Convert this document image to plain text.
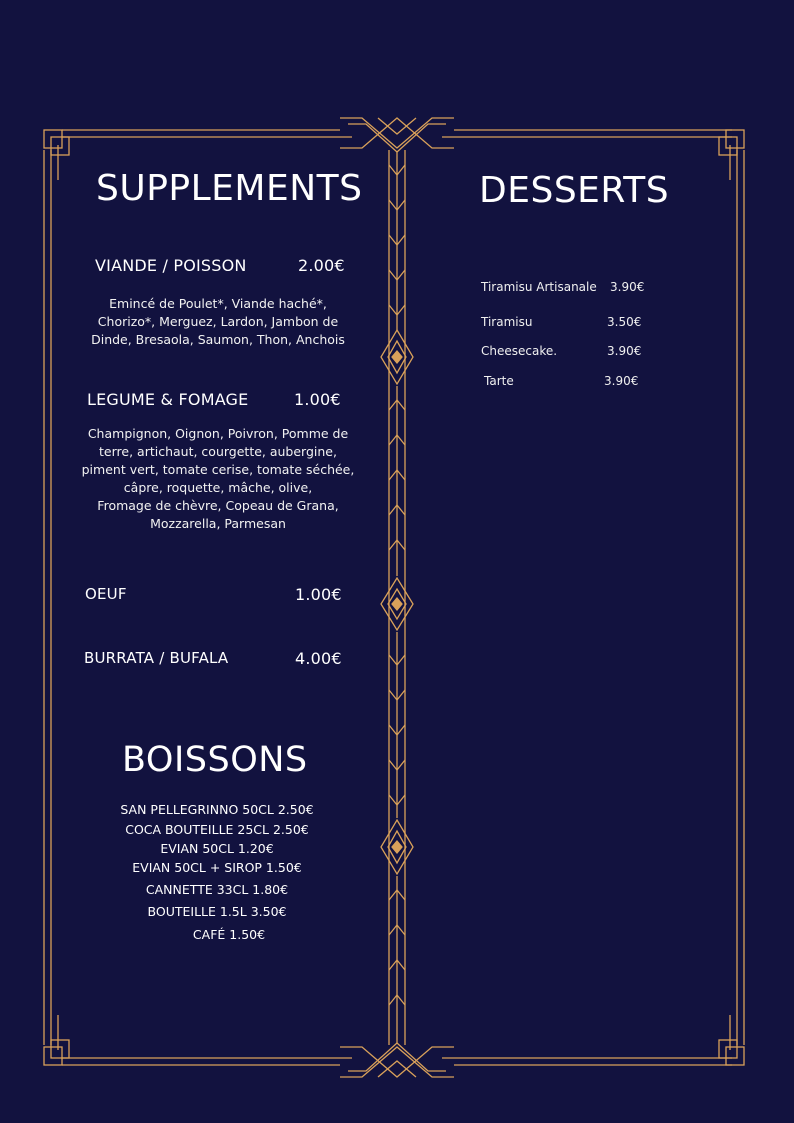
SUPPLEMENTS
VIANDE / POISSON	2.00€
Emincé de Poulet*, Viande haché*,
Chorizo*, Merguez, Lardon, Jambon de
Dinde, Bresaola, Saumon, Thon, Anchois
LEGUME & FOMAGE	1.00€
Champignon, Oignon, Poivron, Pomme de
terre, artichaut, courgette, aubergine,
piment vert, tomate cerise, tomate séchée,
câpre, roquette, mâche, olive,
Fromage de chèvre, Copeau de Grana,
Mozzarella, Parmesan
OEUF	1.00€
BURRATA / BUFALA	4.00€
BOISSONS
SAN PELLEGRINNO 50CL 2.50€
COCA BOUTEILLE 25CL 2.50€
EVIAN 50CL 1.20€
EVIAN 50CL + SIROP 1.50€
CANNETTE 33CL 1.80€
BOUTEILLE 1.5L 3.50€
CAFÉ 1.50€
DESSERTS
Tiramisu Artisanale 3.90€
Tiramisu	3.50€
Cheesecake.	3.90€
Tarte	3.90€
